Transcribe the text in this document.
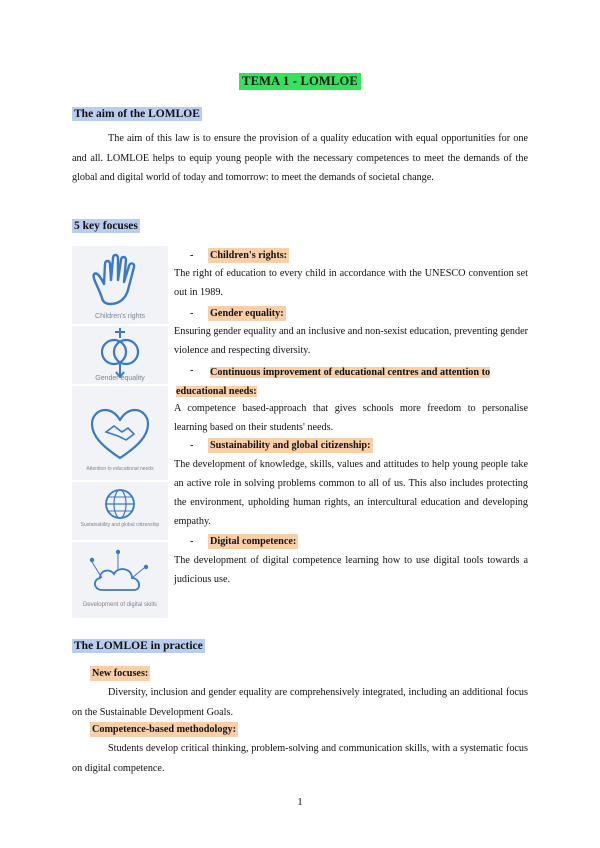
TEMA 1 - LOMLOE
The aim of the LOMLOE

The aim of this law is to ensure the provision of a quality education with equal opportunities for one and all. LOMLOE helps to equip young people with the necessary competences to meet the demands of the global and digital world of today and tomorrow: to meet the demands of societal change.

5 key focuses
Children's rights
Gender equality
Attention to educational needs
Sustainability and global citizenship
Development of digital skills
- Children's rights:

The right of education to every child in accordance with the UNESCO convention set out in 1989.

- Gender equality:

Ensuring gender equality and an inclusive and non-sexist education, preventing gender violence and respecting diversity.

-	Continuous improvement of educational centres and attention to educational needs:

A competence based-approach that gives schools more freedom to personalise learning based on their students' needs.

- Sustainability and global citizenship:

The development of knowledge, skills, values and attitudes to help young people take an active role in solving problems common to all of us. This also includes protecting the environment, upholding human rights, an intercultural education and developing empathy.

- Digital competence:

The development of digital competence learning how to use digital tools towards a judicious use.

The LOMLOE in practice
New focuses:

Diversity, inclusion and gender equality are comprehensively integrated, including an additional focus on the Sustainable Development Goals.

Competence-based methodology:

Students develop critical thinking, problem-solving and communication skills, with a systematic focus on digital competence.

1
